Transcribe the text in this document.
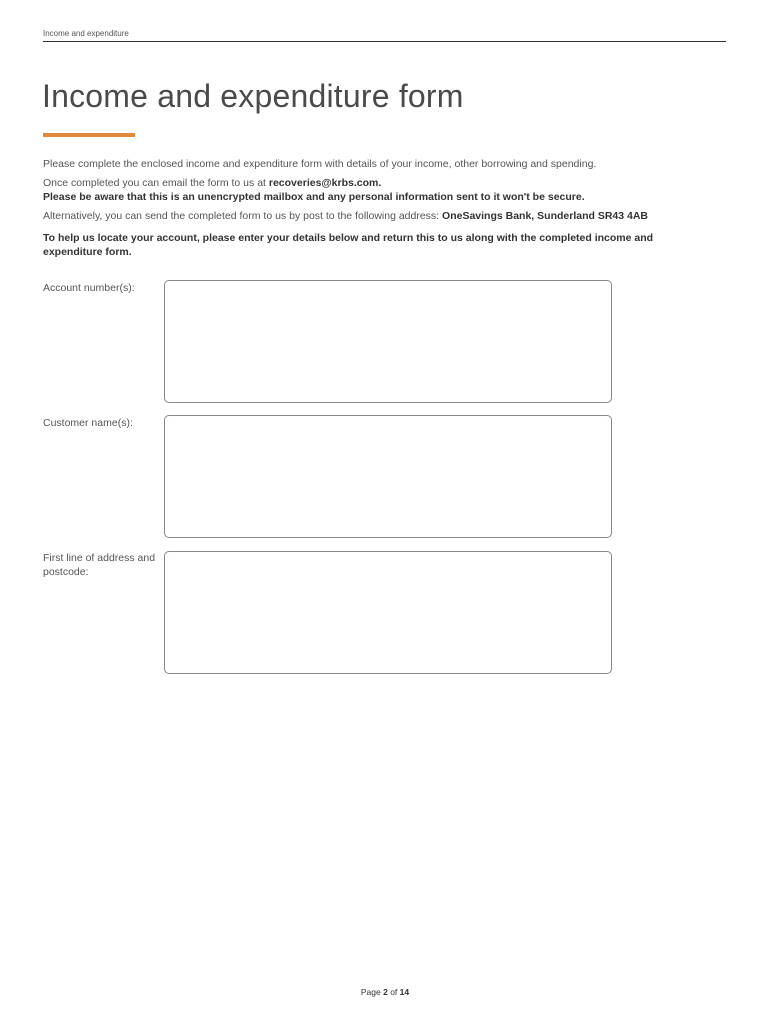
Income and expenditure
Income and expenditure form

Please complete the enclosed income and expenditure form with details of your income, other borrowing and spending.

Once completed you can email the form to us at recoveries@krbs.com.

Please be aware that this is an unencrypted mailbox and any personal information sent to it won't be secure.

Alternatively, you can send the completed form to us by post to the following address: OneSavings Bank, Sunderland SR43 4AB

To help us locate your account, please enter your details below and return this to us along with the completed income and expenditure form.

Account number(s):
Customer name(s):
First line of address and postcode:
Page 2 of 14
